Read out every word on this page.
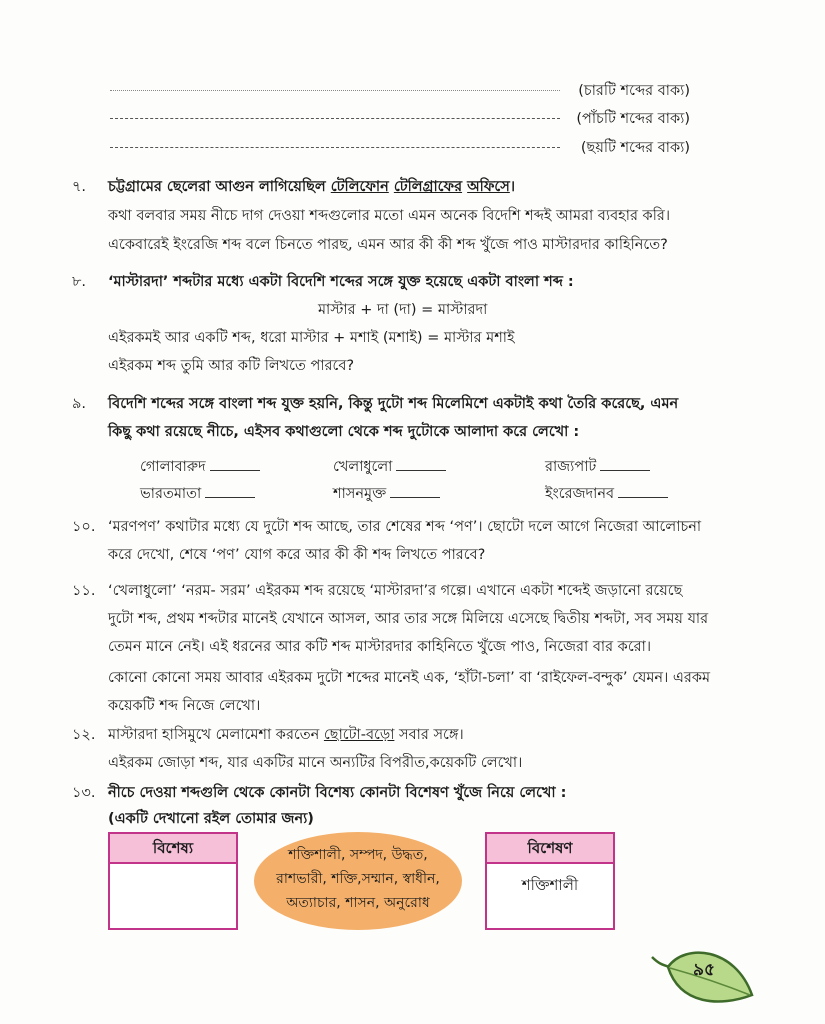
(চারটি শব্দের বাক্য)
(পাঁচটি শব্দের বাক্য)
(ছয়টি শব্দের বাক্য)
৭. চট্টগ্রামের ছেলেরা আগুন লাগিয়েছিল টেলিফোন টেলিগ্রাফের অফিসে।
কথা বলবার সময় নীচে দাগ দেওয়া শব্দগুলোর মতো এমন অনেক বিদেশি শব্দই আমরা ব্যবহার করি।
একেবারেই ইংরেজি শব্দ বলে চিনতে পারছ, এমন আর কী কী শব্দ খুঁজে পাও মাস্টারদার কাহিনিতে?
৮. ‘মাস্টারদা’ শব্দটার মধ্যে একটা বিদেশি শব্দের সঙ্গে যুক্ত হয়েছে একটা বাংলা শব্দ :
মাস্টার + দা (দা) = মাস্টারদা
এইরকমই আর একটি শব্দ, ধরো মাস্টার + মশাই (মশাই) = মাস্টার মশাই
এইরকম শব্দ তুমি আর কটি লিখতে পারবে?
৯. বিদেশি শব্দের সঙ্গে বাংলা শব্দ যুক্ত হয়নি, কিন্তু দুটো শব্দ মিলেমিশে একটাই কথা তৈরি করেছে, এমন
কিছু কথা রয়েছে নীচে, এইসব কথাগুলো থেকে শব্দ দুটোকে আলাদা করে লেখো :
গোলাবারুদ	খেলাধুলো	রাজ্যপাট
ভারতমাতা	শাসনমুক্ত	ইংরেজদানব
১০. ‘মরণপণ’ কথাটার মধ্যে যে দুটো শব্দ আছে, তার শেষের শব্দ ‘পণ’। ছোটো দলে আগে নিজেরা আলোচনা
করে দেখো, শেষে ‘পণ’ যোগ করে আর কী কী শব্দ লিখতে পারবে?
১১. ‘খেলাধুলো’ ‘নরম- সরম’ এইরকম শব্দ রয়েছে ‘মাস্টারদা’র গল্পে। এখানে একটা শব্দেই জড়ানো রয়েছে
দুটো শব্দ, প্রথম শব্দটার মানেই যেখানে আসল, আর তার সঙ্গে মিলিয়ে এসেছে দ্বিতীয় শব্দটা, সব সময় যার
তেমন মানে নেই। এই ধরনের আর কটি শব্দ মাস্টারদার কাহিনিতে খুঁজে পাও, নিজেরা বার করো।
কোনো কোনো সময় আবার এইরকম দুটো শব্দের মানেই এক, ‘হাঁটা-চলা’ বা ‘রাইফেল-বন্দুক’ যেমন। এরকম
কয়েকটি শব্দ নিজে লেখো।
১২. মাস্টারদা হাসিমুখে মেলামেশা করতেন ছোটো-বড়ো সবার সঙ্গে।
এইরকম জোড়া শব্দ, যার একটির মানে অন্যটির বিপরীত,কয়েকটি লেখো।
১৩. নীচে দেওয়া শব্দগুলি থেকে কোনটা বিশেষ্য কোনটা বিশেষণ খুঁজে নিয়ে লেখো :
(একটি দেখানো রইল তোমার জন্য)
বিশেষ্য	শক্তিশালী, সম্পদ, উদ্ধত,
রাশভারী, শক্তি,সম্মান, স্বাধীন,
অত্যাচার, শাসন, অনুরোধ
বিশেষণ
শক্তিশালী
৯৫
